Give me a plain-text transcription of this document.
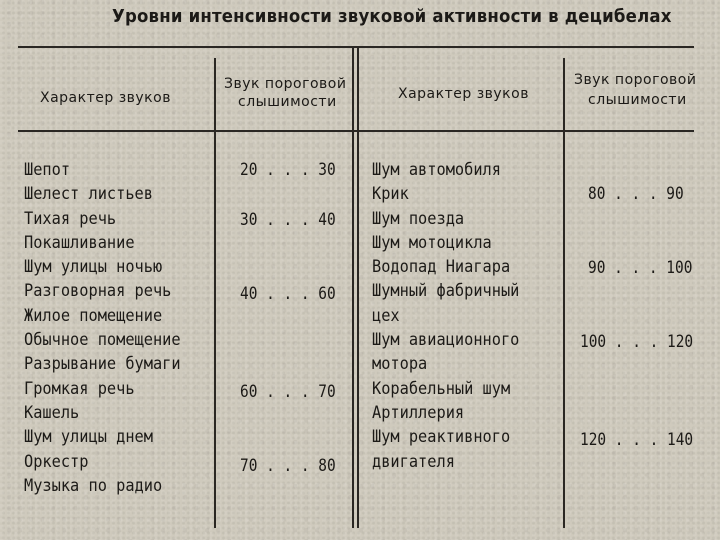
Уровни интенсивности звуковой активности в децибелах
Характер звуков
Звук пороговой
слышимости	Характер звуков
Звук пороговой
слышимости
Шепот
Шелест листьев
Тихая речь
Покашливание
Шум улицы ночью
Разговорная речь
Жилое помещение
Обычное помещение
Разрывание бумаги
Громкая речь
Кашель
Шум улицы днем
Оркестр
Музыка по радио
20 . . . 30
30 . . . 40
40 . . . 60
60 . . . 70
70 . . . 80
Шум автомобиля
Крик
Шум поезда
Шум мотоцикла
Водопад Ниагара
Шумный фабричный
цех
Шум авиационного
мотора
Корабельный шум
Артиллерия
Шум реактивного
двигателя
80 . . . 90
90 . . . 100
100 . . . 120
120 . . . 140
